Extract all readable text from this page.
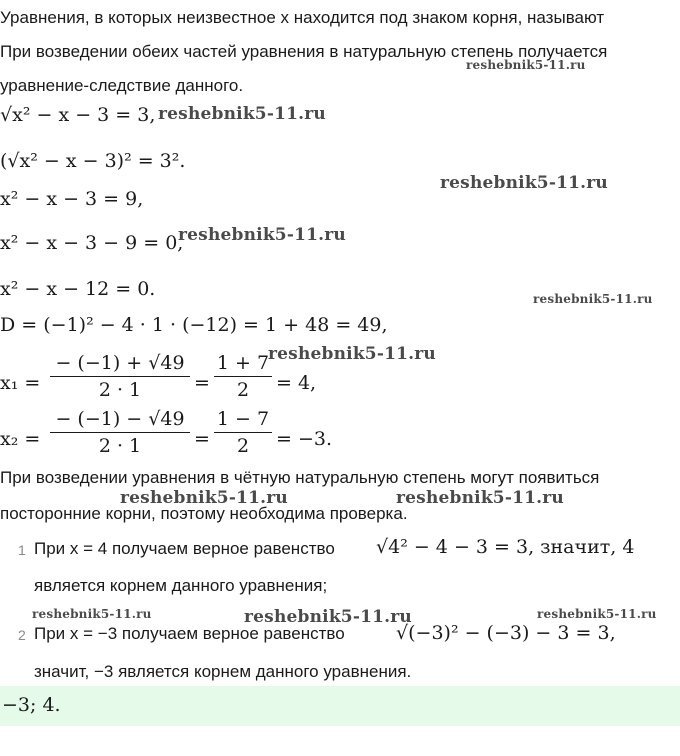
Уравнения, в которых неизвестное x находится под знаком корня, называют
При возведении обеих частей уравнения в натуральную степень получается
уравнение-следствие данного.
√x² − x − 3 = 3,
(√x² − x − 3)² = 3².
x² − x − 3 = 9,
x² − x − 3 − 9 = 0,
x² − x − 12 = 0.
D = (−1)² − 4 · 1 · (−12) = 1 + 48 = 49,
x₁ =
− (−1) + √49
2 · 1	=
1 + 7
2	= 4,
x₂ =
− (−1) − √49
2 · 1	=
1 − 7
2	= −3.
При возведении уравнения в чётную натуральную степень могут появиться
посторонние корни, поэтому необходима проверка.
1 При x = 4 получаем верное равенство √4² − 4 − 3 = 3, значит, 4
является корнем данного уравнения;
2 При x = −3 получаем верное равенство	√(−3)² − (−3) − 3 = 3,
значит, −3 является корнем данного уравнения.
−3; 4.
reshebnik5-11.ru
reshebnik5-11.ru
reshebnik5-11.ru
reshebnik5-11.ru
reshebnik5-11.ru
reshebnik5-11.ru
reshebnik5-11.ru	reshebnik5-11.ru
reshebnik5-11.ru	reshebnik5-11.ru	reshebnik5-11.ru
